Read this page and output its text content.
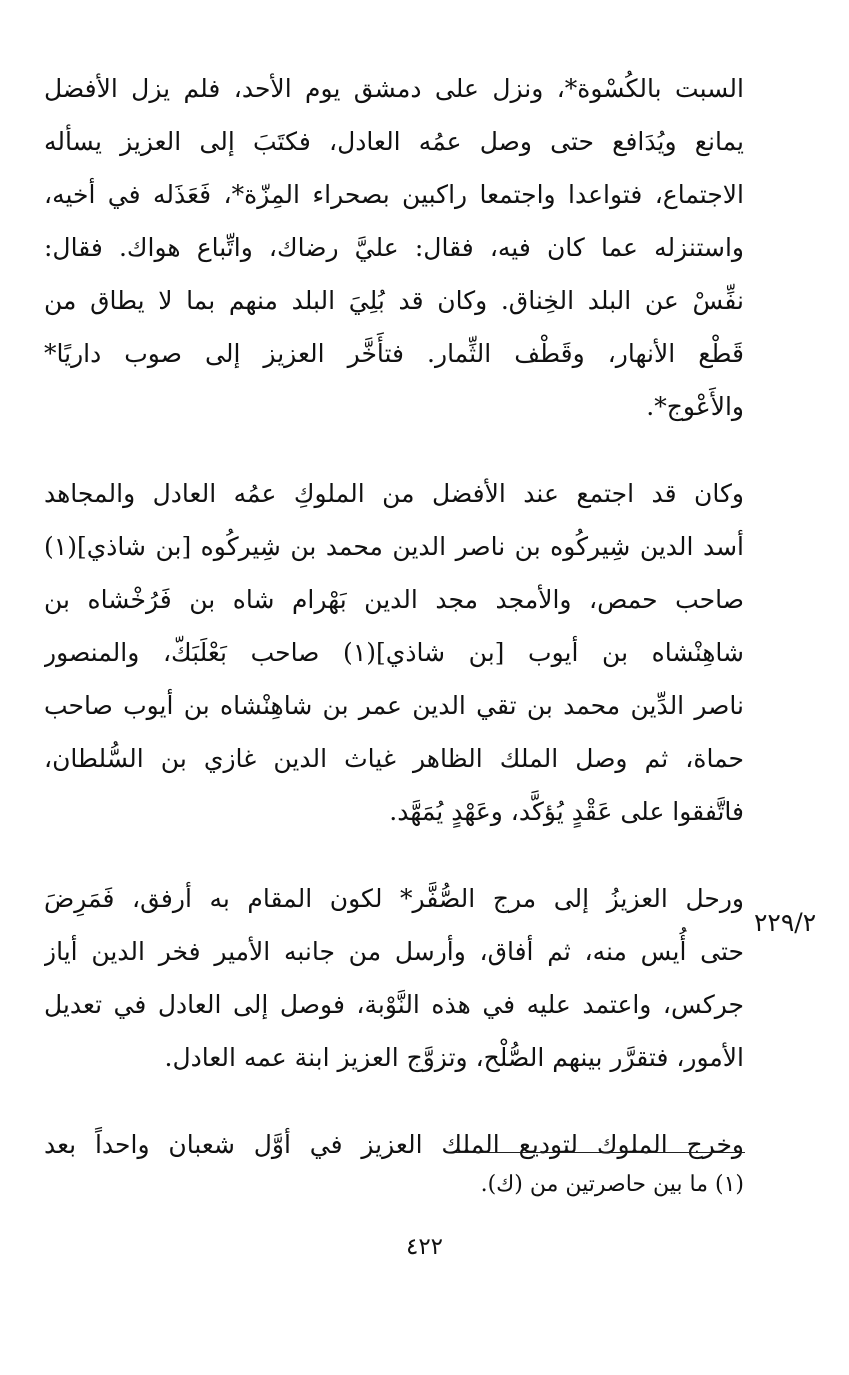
السبت بالكُسْوة*، ونزل على دمشق يوم الأحد، فلم يزل الأفضل
يمانع ويُدَافع حتى وصل عمُه العادل، فكتَبَ إلى العزيز يسأله
الاجتماع، فتواعدا واجتمعا راكبين بصحراء المِزّة*، فَعَذَله في أخيه،
واستنزله عما كان فيه، فقال: عليَّ رضاك، واتِّباع هواك. فقال:
نفِّسْ عن البلد الخِناق. وكان قد بُلِيَ البلد منهم بما لا يطاق من
قَطْع الأنهار، وقَطْف الثِّمار. فتأَخَّر العزيز إلى صوب داريًا*
والأَعْوج*.
وكان قد اجتمع عند الأفضل من الملوكِ عمُه العادل والمجاهد
أسد الدين شِيركُوه بن ناصر الدين محمد بن شِيركُوه [بن شاذي](١)
صاحب حمص، والأمجد مجد الدين بَهْرام شاه بن فَرُخْشاه بن
شاهِنْشاه بن أيوب [بن شاذي](١) صاحب بَعْلَبَكّ، والمنصور
ناصر الدِّين محمد بن تقي الدين عمر بن شاهِنْشاه بن أيوب صاحب
حماة، ثم وصل الملك الظاهر غياث الدين غازي بن السُّلطان،
فاتَّفقوا على عَقْدٍ يُؤكَّد، وعَهْدٍ يُمَهَّد.
ورحل العزيزُ إلى مرج الصُّفَّر* لكون المقام به أرفق، فَمَرِضَ
حتى أُيس منه، ثم أفاق، وأرسل من جانبه الأمير فخر الدين أياز
جركس، واعتمد عليه في هذه النَّوْبة، فوصل إلى العادل في تعديل
الأمور، فتقرَّر بينهم الصُّلْح، وتزوَّج العزيز ابنة عمه العادل.
وخرج الملوك لتوديع الملك العزيز في أوَّل شعبان واحداً بعد
٢٢٩/٢
(١) ما بين حاصرتين من (ك).
٤٢٢
